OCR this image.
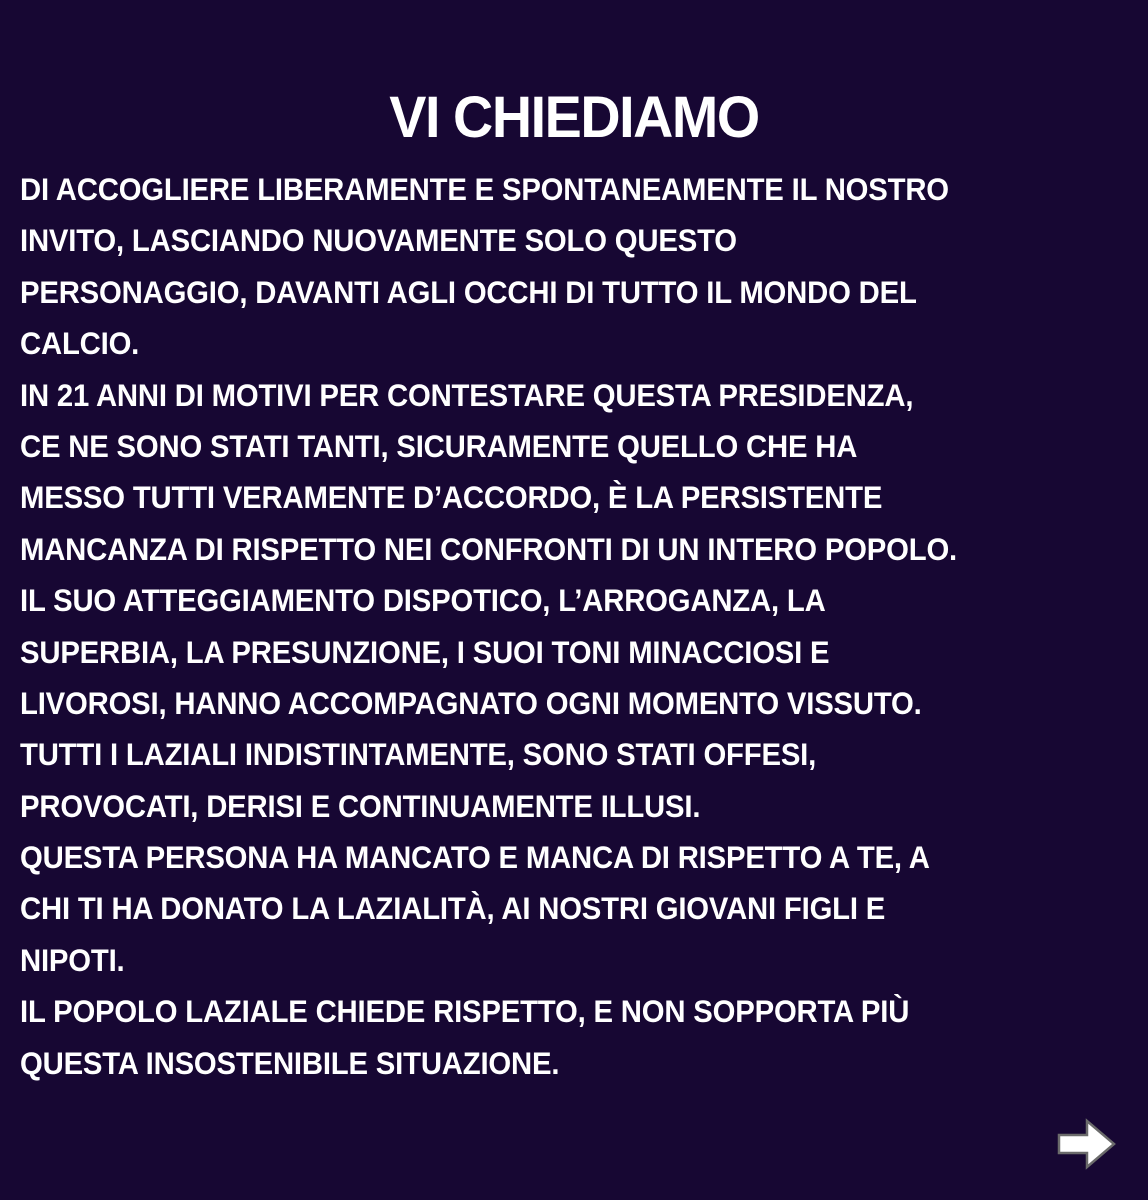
VI CHIEDIAMO
DI ACCOGLIERE LIBERAMENTE E SPONTANEAMENTE IL NOSTRO
INVITO, LASCIANDO NUOVAMENTE SOLO QUESTO
PERSONAGGIO, DAVANTI AGLI OCCHI DI TUTTO IL MONDO DEL
CALCIO.
IN 21 ANNI DI MOTIVI PER CONTESTARE QUESTA PRESIDENZA,
CE NE SONO STATI TANTI, SICURAMENTE QUELLO CHE HA
MESSO TUTTI VERAMENTE D’ACCORDO, È LA PERSISTENTE
MANCANZA DI RISPETTO NEI CONFRONTI DI UN INTERO POPOLO.
IL SUO ATTEGGIAMENTO DISPOTICO, L’ARROGANZA, LA
SUPERBIA, LA PRESUNZIONE, I SUOI TONI MINACCIOSI E
LIVOROSI, HANNO ACCOMPAGNATO OGNI MOMENTO VISSUTO.
TUTTI I LAZIALI INDISTINTAMENTE, SONO STATI OFFESI,
PROVOCATI, DERISI E CONTINUAMENTE ILLUSI.
QUESTA PERSONA HA MANCATO E MANCA DI RISPETTO A TE, A
CHI TI HA DONATO LA LAZIALITÀ, AI NOSTRI GIOVANI FIGLI E
NIPOTI.
IL POPOLO LAZIALE CHIEDE RISPETTO, E NON SOPPORTA PIÙ
QUESTA INSOSTENIBILE SITUAZIONE.
